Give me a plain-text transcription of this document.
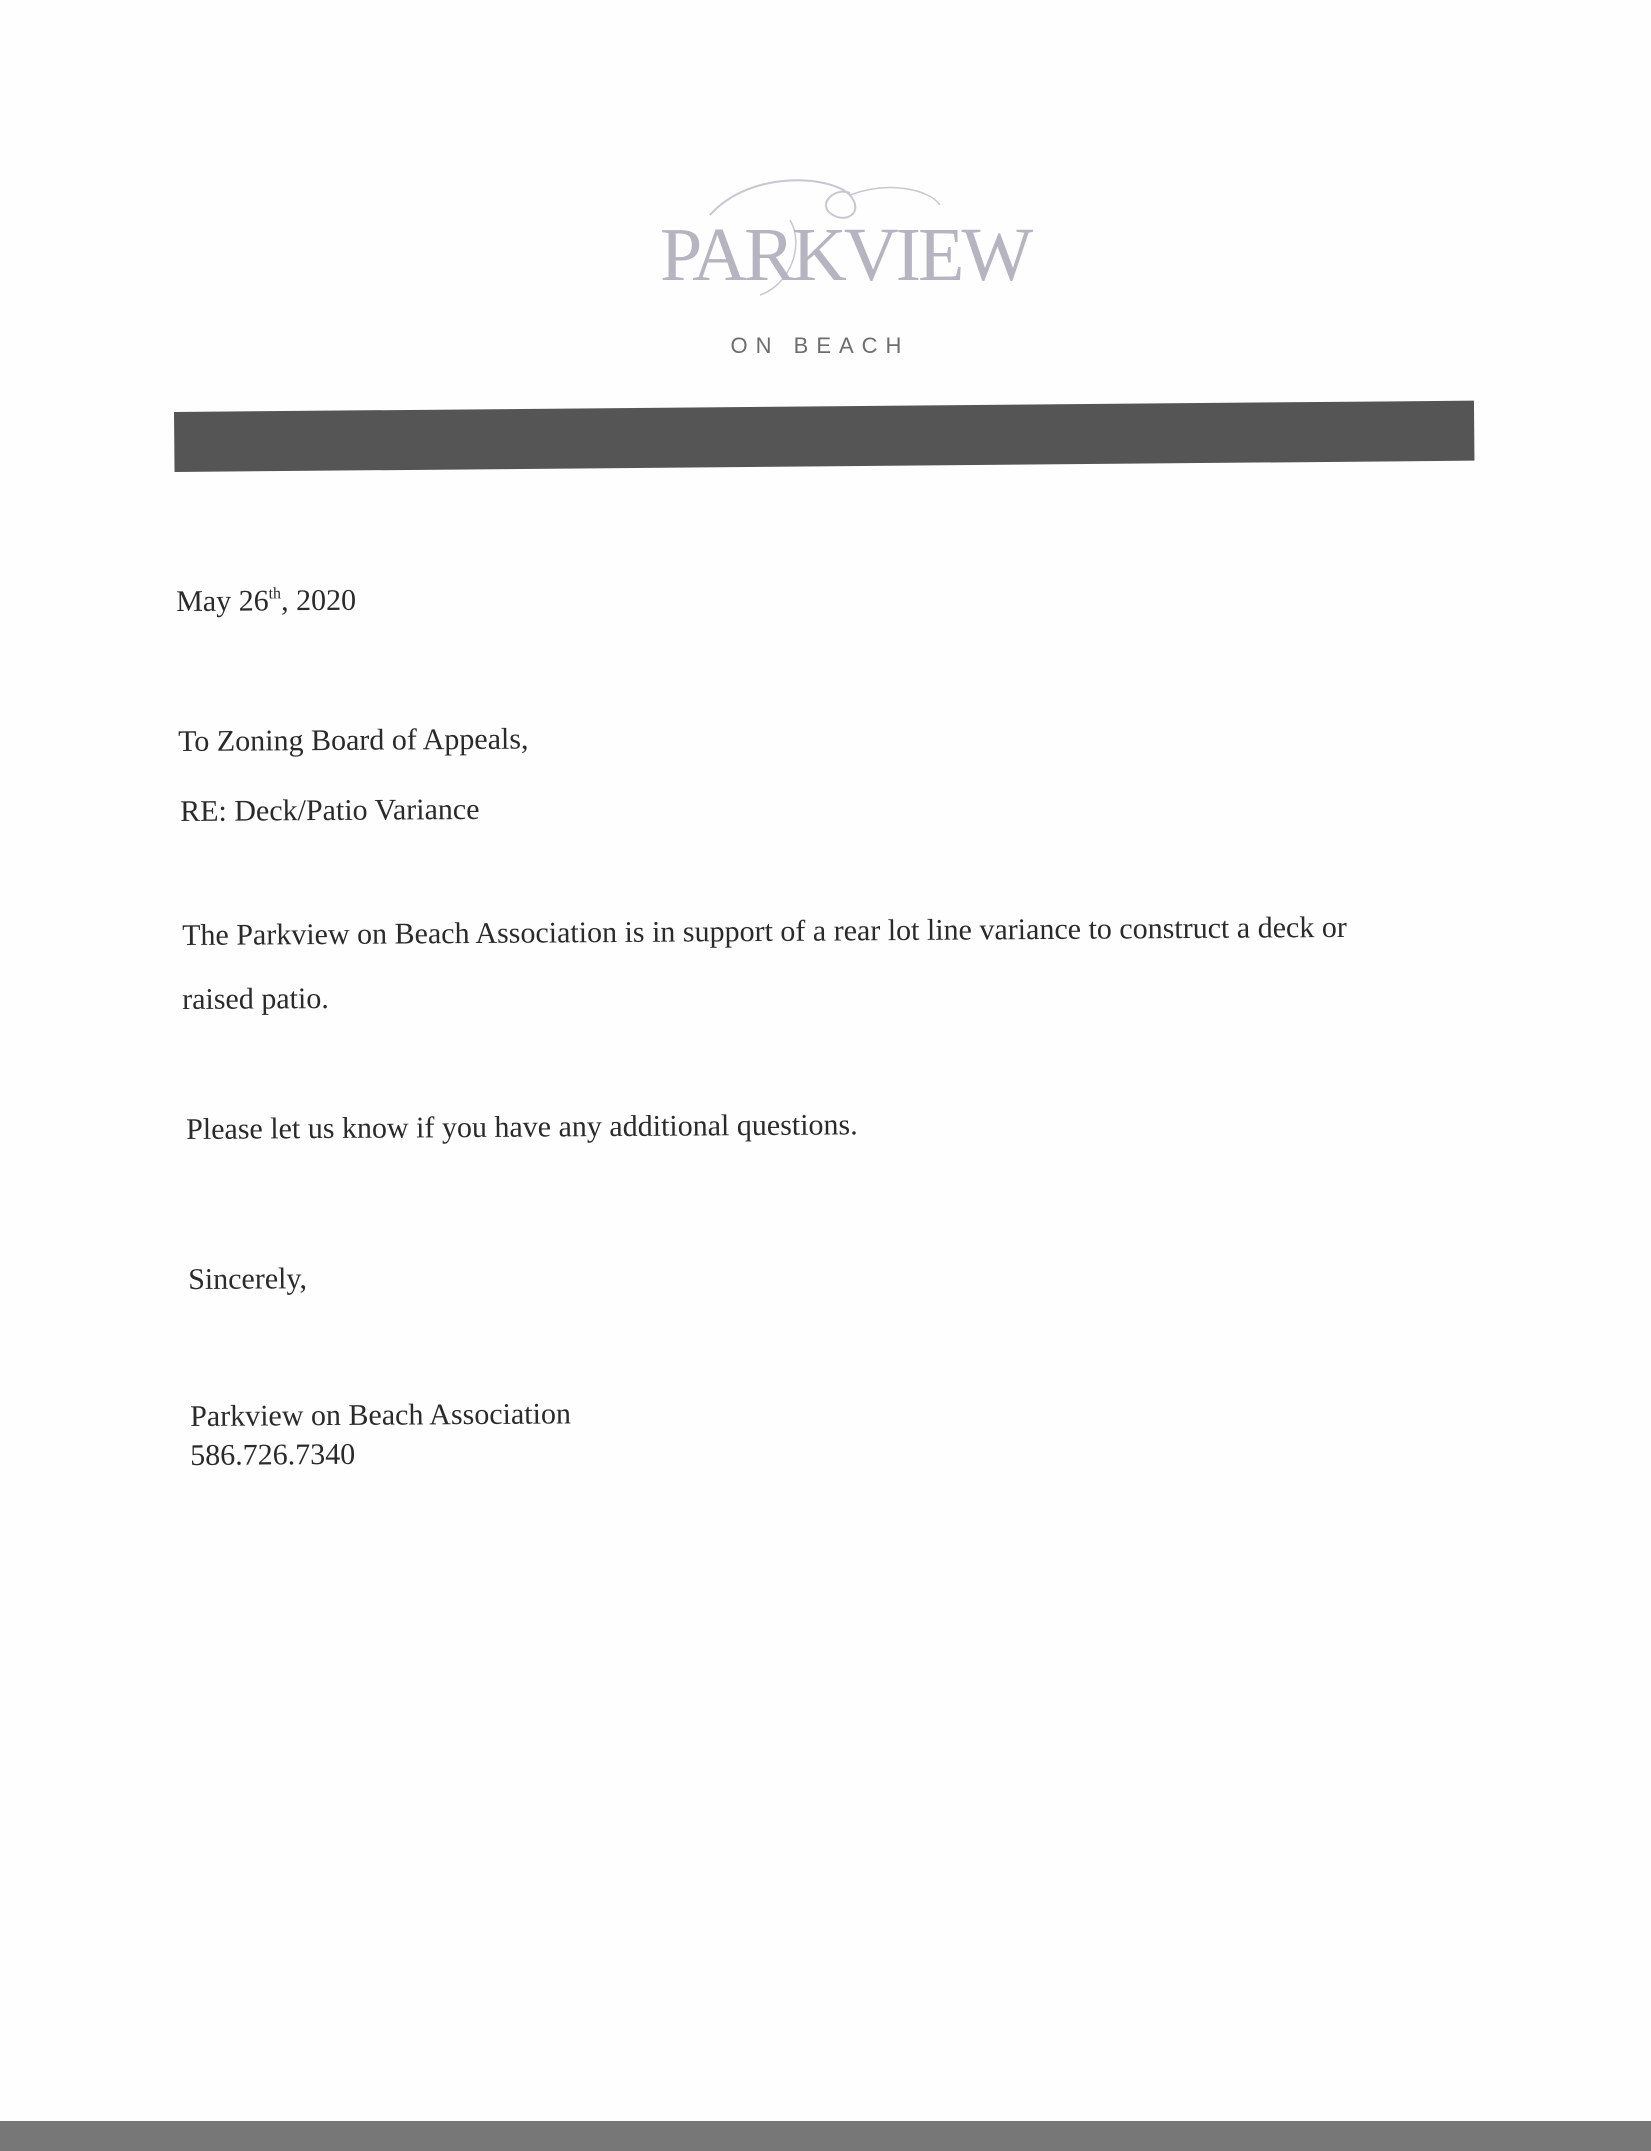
PARKVIEW
ON BEACH
May 26th, 2020
To Zoning Board of Appeals,
RE: Deck/Patio Variance
The Parkview on Beach Association is in support of a rear lot line variance to construct a deck or
raised patio.
Please let us know if you have any additional questions.
Sincerely,
Parkview on Beach Association
586.726.7340
